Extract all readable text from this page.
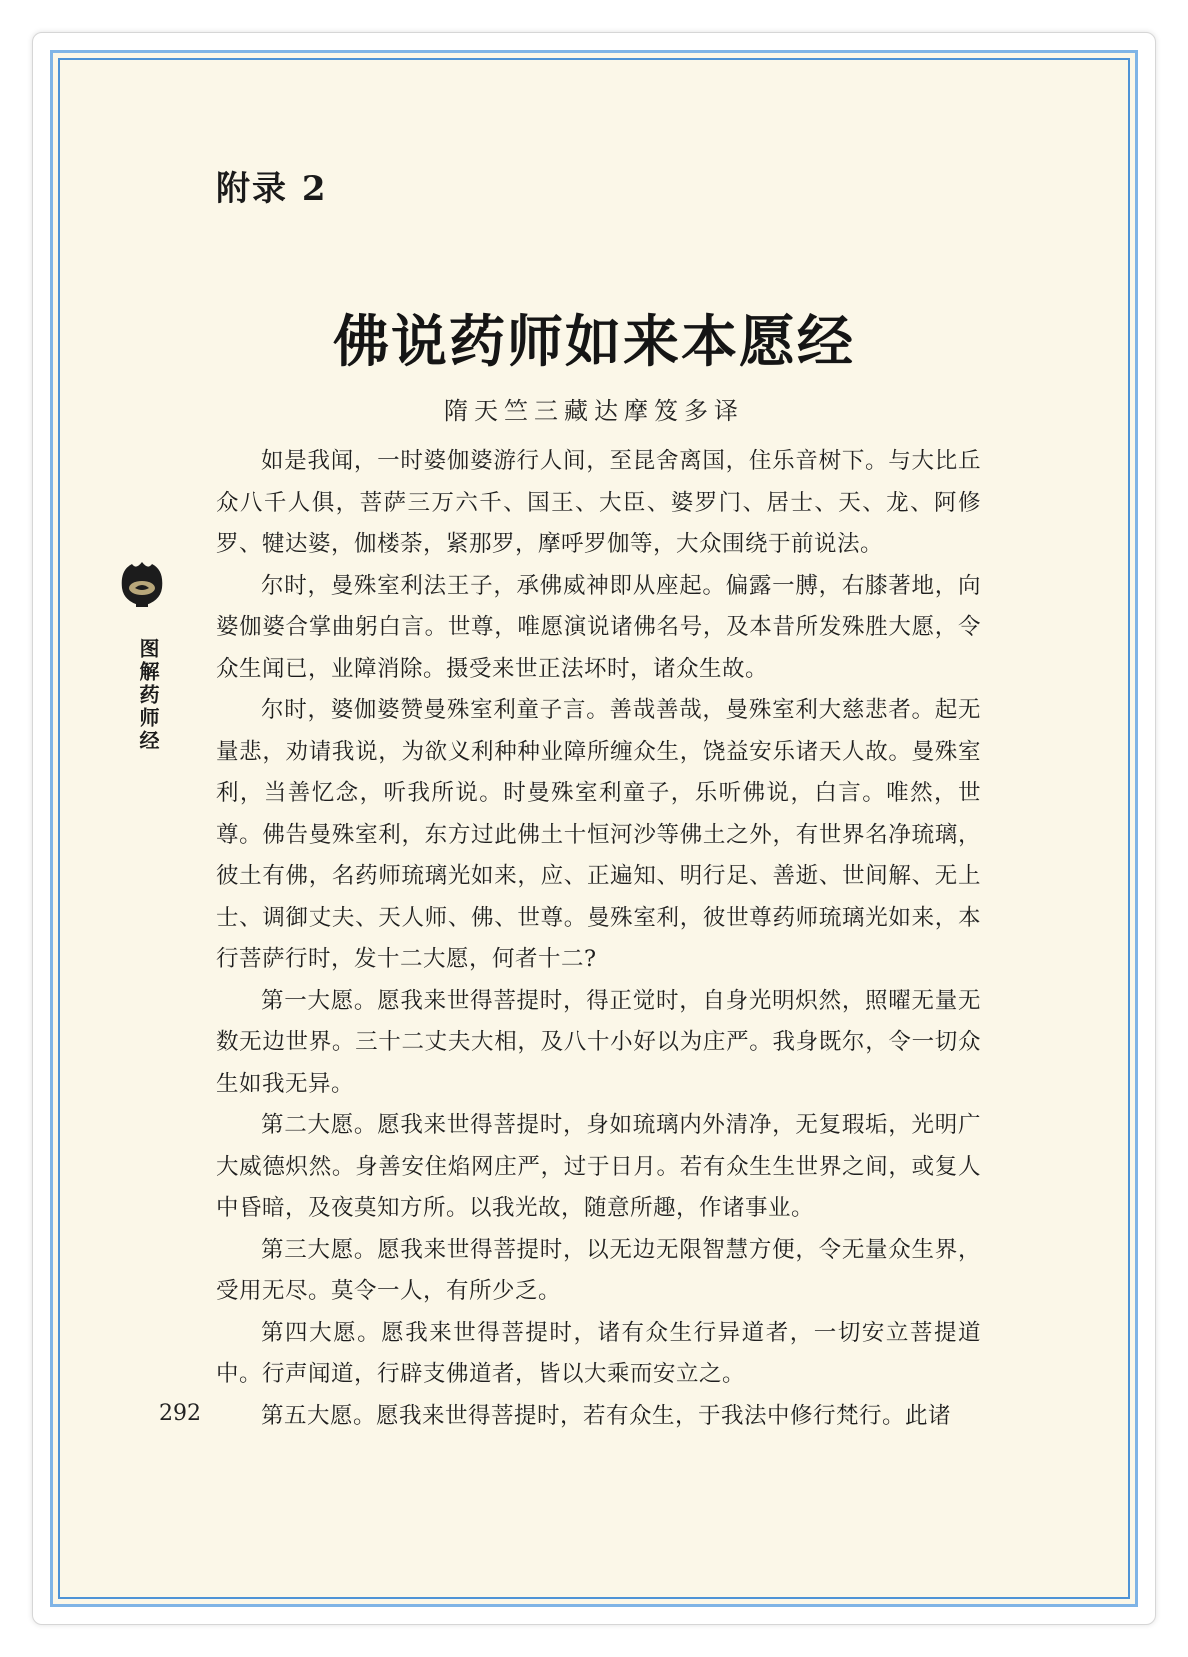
附录 2
佛说药师如来本愿经
隋天竺三藏达摩笈多译
图解药师经

如是我闻，一时婆伽婆游行人间，至昆舍离国，住乐音树下。与大比丘众八千人俱，菩萨三万六千、国王、大臣、婆罗门、居士、天、龙、阿修罗、犍达婆，伽楼荼，紧那罗，摩呼罗伽等，大众围绕于前说法。

尔时，曼殊室利法王子，承佛威神即从座起。偏露一膊，右膝著地，向婆伽婆合掌曲躬白言。世尊，唯愿演说诸佛名号，及本昔所发殊胜大愿，令众生闻已，业障消除。摄受来世正法坏时，诸众生故。

尔时，婆伽婆赞曼殊室利童子言。善哉善哉，曼殊室利大慈悲者。起无量悲，劝请我说，为欲义利种种业障所缠众生，饶益安乐诸天人故。曼殊室利，当善忆念，听我所说。时曼殊室利童子，乐听佛说，白言。唯然，世尊。佛告曼殊室利，东方过此佛土十恒河沙等佛土之外，有世界名净琉璃，彼土有佛，名药师琉璃光如来，应、正遍知、明行足、善逝、世间解、无上士、调御丈夫、天人师、佛、世尊。曼殊室利，彼世尊药师琉璃光如来，本行菩萨行时，发十二大愿，何者十二?

第一大愿。愿我来世得菩提时，得正觉时，自身光明炽然，照曜无量无数无边世界。三十二丈夫大相，及八十小好以为庄严。我身既尔，令一切众生如我无异。

第二大愿。愿我来世得菩提时，身如琉璃内外清净，无复瑕垢，光明广大威德炽然。身善安住焰网庄严，过于日月。若有众生生世界之间，或复人中昏暗，及夜莫知方所。以我光故，随意所趣，作诸事业。

第三大愿。愿我来世得菩提时，以无边无限智慧方便，令无量众生界，受用无尽。莫令一人，有所少乏。

第四大愿。愿我来世得菩提时，诸有众生行异道者，一切安立菩提道中。行声闻道，行辟支佛道者，皆以大乘而安立之。

第五大愿。愿我来世得菩提时，若有众生，于我法中修行梵行。此诸

292
